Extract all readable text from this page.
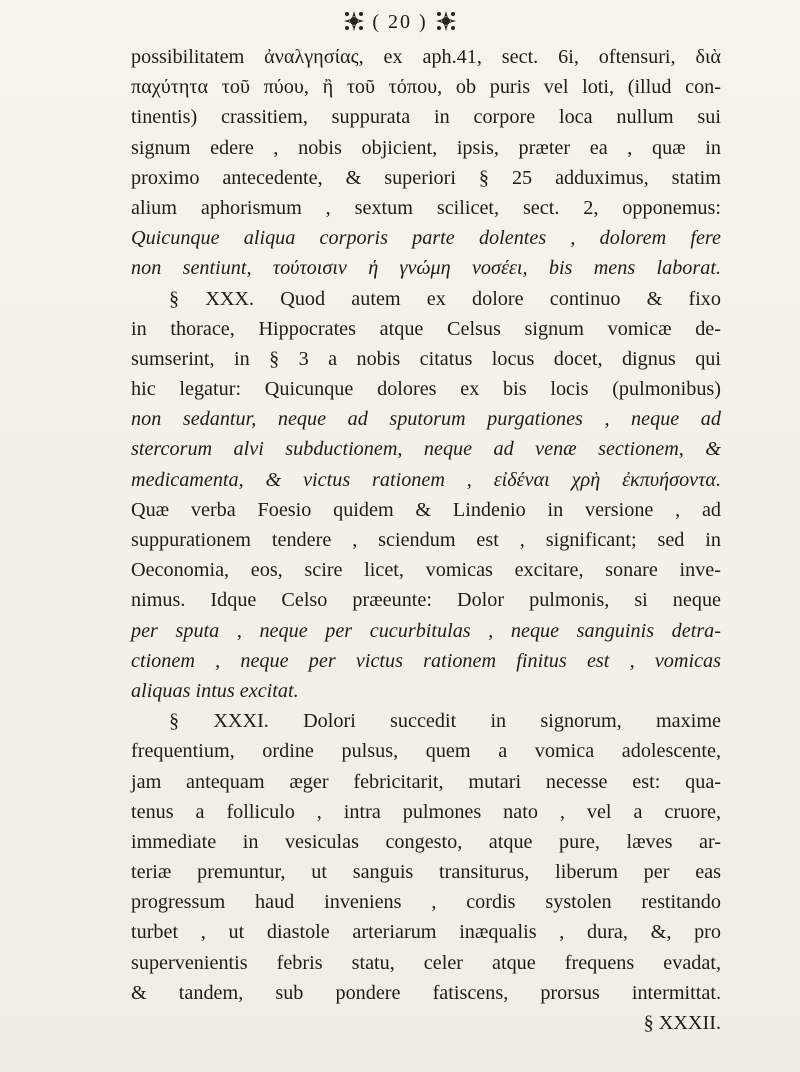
( 20 )
possibilitatem ἀναλγησίας, ex aph.41, sect. 6i, oftensuri, διὰ
παχύτητα τοῦ πύου, ἢ τοῦ τόπου, ob puris vel loti, (illud con-
tinentis) crassitiem, suppurata in corpore loca nullum sui
signum edere , nobis objicient, ipsis, præter ea , quæ in
proximo antecedente, & superiori § 25 adduximus, statim
alium aphorismum , sextum scilicet, sect. 2, opponemus:
Quicunque aliqua corporis parte dolentes , dolorem fere
non sentiunt, τούτοισιν ἡ γνώμη νοσέει, bis mens laborat.
§ XXX. Quod autem ex dolore continuo & fixo
in thorace, Hippocrates atque Celsus signum vomicæ de-
sumserint, in § 3 a nobis citatus locus docet, dignus qui
hic legatur: Quicunque dolores ex bis locis (pulmonibus)
non sedantur, neque ad sputorum purgationes , neque ad
stercorum alvi subductionem, neque ad venæ sectionem, &
medicamenta, & victus rationem , εἰδέναι χρὴ ἐκπυήσοντα.
Quæ verba Foesio quidem & Lindenio in versione , ad
suppurationem tendere , sciendum est , significant; sed in
Oeconomia, eos, scire licet, vomicas excitare, sonare inve-
nimus. Idque Celso præeunte: Dolor pulmonis, si neque
per sputa , neque per cucurbitulas , neque sanguinis detra-
ctionem , neque per victus rationem finitus est , vomicas
aliquas intus excitat.
§ XXXI. Dolori succedit in signorum, maxime
frequentium, ordine pulsus, quem a vomica adolescente,
jam antequam æger febricitarit, mutari necesse est: qua-
tenus a folliculo , intra pulmones nato , vel a cruore,
immediate in vesiculas congesto, atque pure, læves ar-
teriæ premuntur, ut sanguis transiturus, liberum per eas
progressum haud inveniens , cordis systolen restitando
turbet , ut diastole arteriarum inæqualis , dura, &, pro
supervenientis febris statu, celer atque frequens evadat,
& tandem, sub pondere fatiscens, prorsus intermittat.
§ XXXII.
